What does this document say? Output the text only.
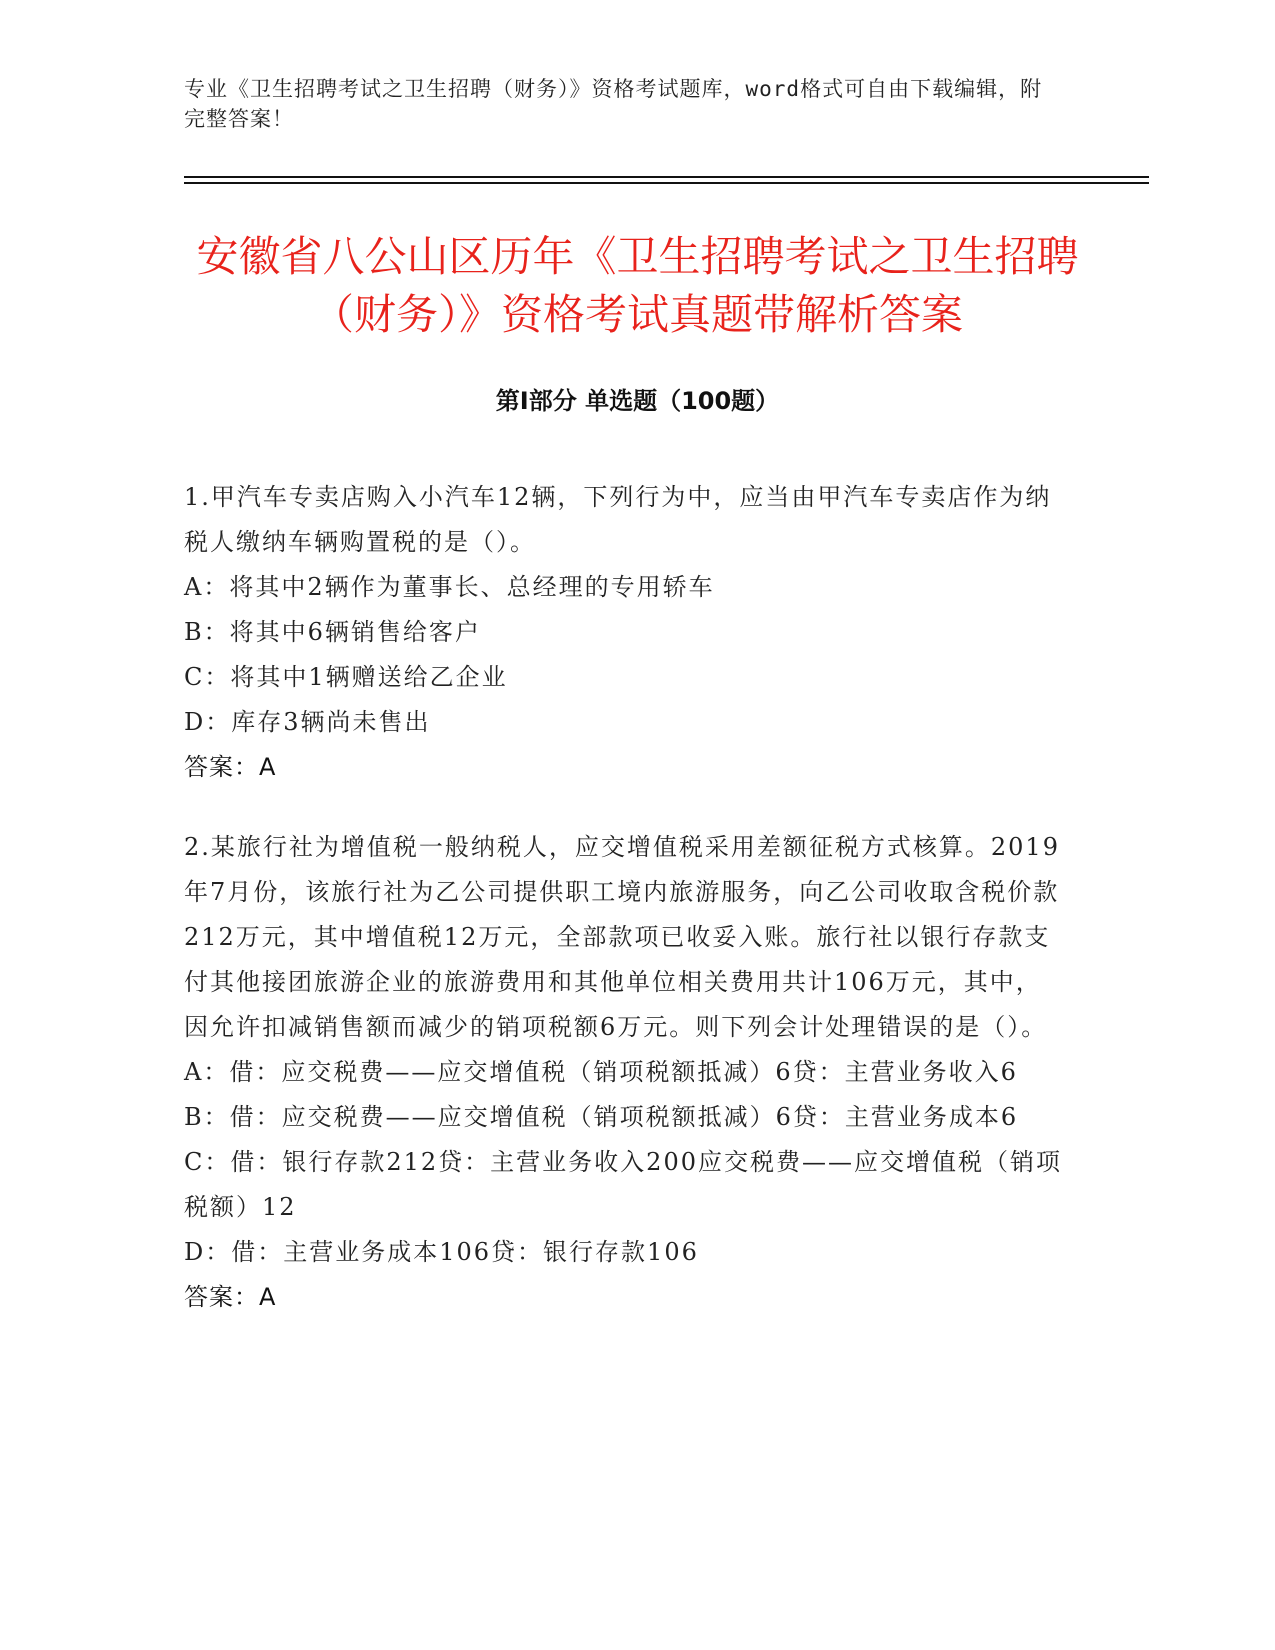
专业《卫生招聘考试之卫生招聘（财务）》资格考试题库，word格式可自由下载编辑，附完整答案！
安徽省八公山区历年《卫生招聘考试之卫生招聘（财务）》资格考试真题带解析答案
第Ⅰ部分 单选题（100题）

1.甲汽车专卖店购入小汽车12辆，下列行为中，应当由甲汽车专卖店作为纳税人缴纳车辆购置税的是（）。

A：将其中2辆作为董事长、总经理的专用轿车

B：将其中6辆销售给客户

C：将其中1辆赠送给乙企业

D：库存3辆尚未售出

答案：A

2.某旅行社为增值税一般纳税人，应交增值税采用差额征税方式核算。2019年7月份，该旅行社为乙公司提供职工境内旅游服务，向乙公司收取含税价款212万元，其中增值税12万元，全部款项已收妥入账。旅行社以银行存款支付其他接团旅游企业的旅游费用和其他单位相关费用共计106万元，其中，因允许扣减销售额而减少的销项税额6万元。则下列会计处理错误的是（）。

A：借：应交税费——应交增值税（销项税额抵减）6贷：主营业务收入6

B：借：应交税费——应交增值税（销项税额抵减）6贷：主营业务成本6

C：借：银行存款212贷：主营业务收入200应交税费——应交增值税（销项税额）12

D：借：主营业务成本106贷：银行存款106

答案：A
